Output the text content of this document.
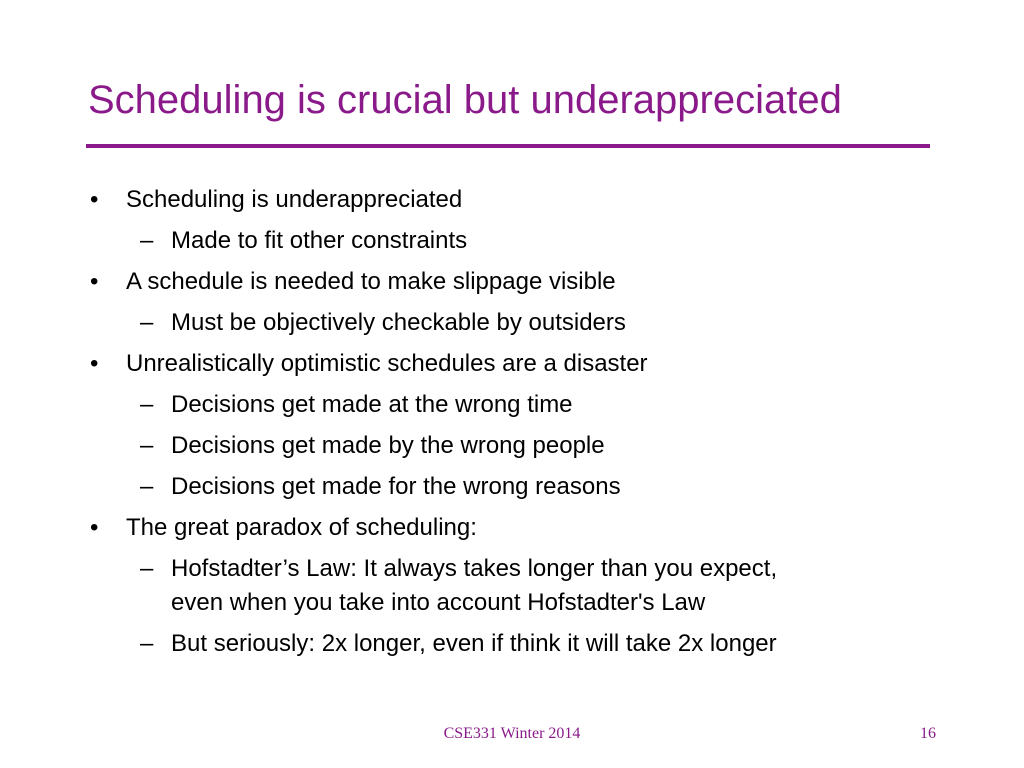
Scheduling is crucial but underappreciated
• Scheduling is underappreciated
– Made to fit other constraints
• A schedule is needed to make slippage visible
– Must be objectively checkable by outsiders
• Unrealistically optimistic schedules are a disaster
– Decisions get made at the wrong time
– Decisions get made by the wrong people
– Decisions get made for the wrong reasons
• The great paradox of scheduling:
– Hofstadter’s Law: It always takes longer than you expect,
even when you take into account Hofstadter's Law
– But seriously: 2x longer, even if think it will take 2x longer
CSE331 Winter 2014	16
